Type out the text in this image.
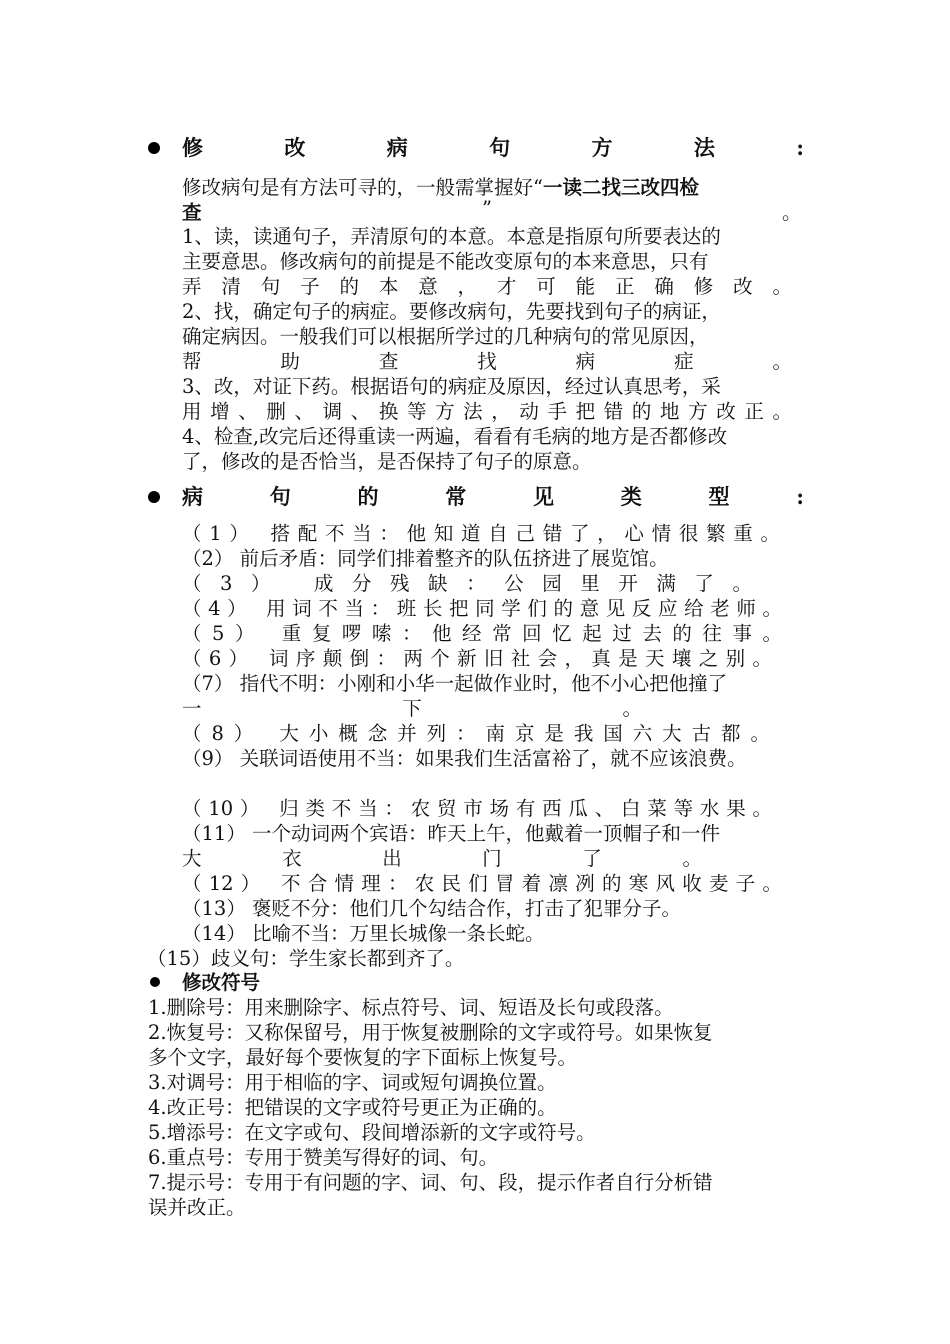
修改病句方法:
修改病句是有方法可寻的，一般需掌握好“一读二找三改四检
查	”	。
1、读，读通句子，弄清原句的本意。本意是指原句所要表达的
主要意思。修改病句的前提是不能改变原句的本来意思，只有
弄清句子的本意，才可能正确修改。
2、找，确定句子的病症。要修改病句，先要找到句子的病证，
确定病因。一般我们可以根据所学过的几种病句的常见原因，
帮助查找病症。
3、改，对证下药。根据语句的病症及原因，经过认真思考，采
用增、删、调、换等方法，动手把错的地方改正。
4、检查,改完后还得重读一两遍，看看有毛病的地方是否都修改
了，修改的是否恰当，是否保持了句子的原意。
病句的常见类型:
（1） 搭配不当：他知道自己错了，心情很繁重。
（2） 前后矛盾：同学们排着整齐的队伍挤进了展览馆。
（3） 成分残缺：公园里开满了。
（4） 用词不当：班长把同学们的意见反应给老师。
（5） 重复啰嗦：他经常回忆起过去的往事。
（6） 词序颠倒：两个新旧社会，真是天壤之别。
（7） 指代不明：小刚和小华一起做作业时，他不小心把他撞了
一下。
（8） 大小概念并列：南京是我国六大古都。
（9） 关联词语使用不当：如果我们生活富裕了，就不应该浪费。
（10） 归类不当：农贸市场有西瓜、白菜等水果。
（11） 一个动词两个宾语：昨天上午，他戴着一顶帽子和一件
大衣出门了。
（12） 不合情理：农民们冒着凛冽的寒风收麦子。
（13） 褒贬不分：他们几个勾结合作，打击了犯罪分子。
（14） 比喻不当：万里长城像一条长蛇。
（15）歧义句：学生家长都到齐了。
修改符号
1.删除号：用来删除字、标点符号、词、短语及长句或段落。
2.恢复号：又称保留号，用于恢复被删除的文字或符号。如果恢复
多个文字，最好每个要恢复的字下面标上恢复号。
3.对调号：用于相临的字、词或短句调换位置。
4.改正号：把错误的文字或符号更正为正确的。
5.增添号：在文字或句、段间增添新的文字或符号。
6.重点号：专用于赞美写得好的词、句。
7.提示号：专用于有问题的字、词、句、段，提示作者自行分析错
误并改正。
